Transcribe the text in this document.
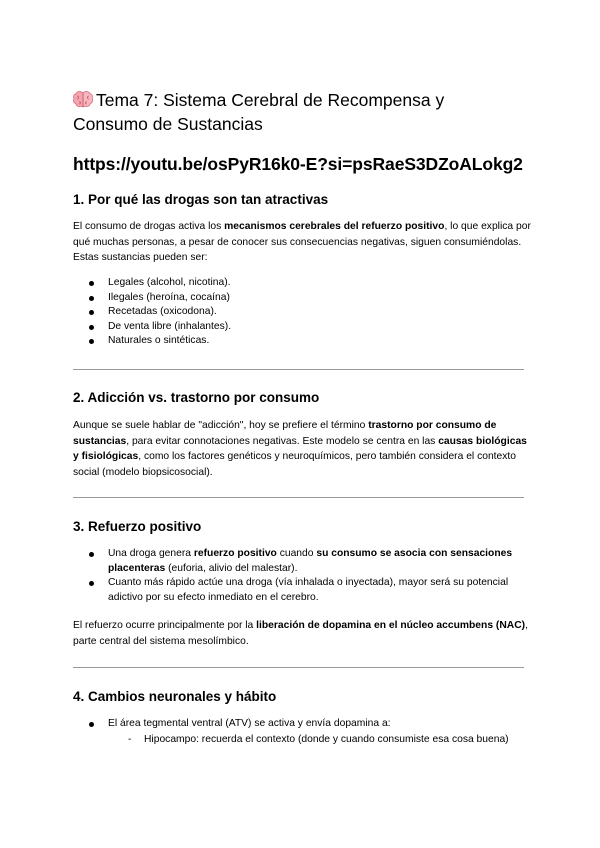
Tema 7: Sistema Cerebral de Recompensa y
Consumo de Sustancias
https://youtu.be/osPyR16k0-E?si=psRaeS3DZoALokg2
1. Por qué las drogas son tan atractivas

El consumo de drogas activa los mecanismos cerebrales del refuerzo positivo, lo que explica por qué muchas personas, a pesar de conocer sus consecuencias negativas, siguen consumiéndolas. Estas sustancias pueden ser:

Legales (alcohol, nicotina).
Ilegales (heroína, cocaína)
Recetadas (oxicodona).
De venta libre (inhalantes).
Naturales o sintéticas.
2. Adicción vs. trastorno por consumo

Aunque se suele hablar de "adicción", hoy se prefiere el término trastorno por consumo de sustancias, para evitar connotaciones negativas. Este modelo se centra en las causas biológicas y fisiológicas, como los factores genéticos y neuroquímicos, pero también considera el contexto social (modelo biopsicosocial).

3. Refuerzo positivo
Una droga genera refuerzo positivo cuando su consumo se asocia con sensaciones placenteras (euforia, alivio del malestar).
Cuanto más rápido actúe una droga (vía inhalada o inyectada), mayor será su potencial adictivo por su efecto inmediato en el cerebro.

El refuerzo ocurre principalmente por la liberación de dopamina en el núcleo accumbens (NAC), parte central del sistema mesolímbico.

4. Cambios neuronales y hábito
El área tegmental ventral (ATV) se activa y envía dopamina a:
- Hipocampo: recuerda el contexto (donde y cuando consumiste esa cosa buena)
